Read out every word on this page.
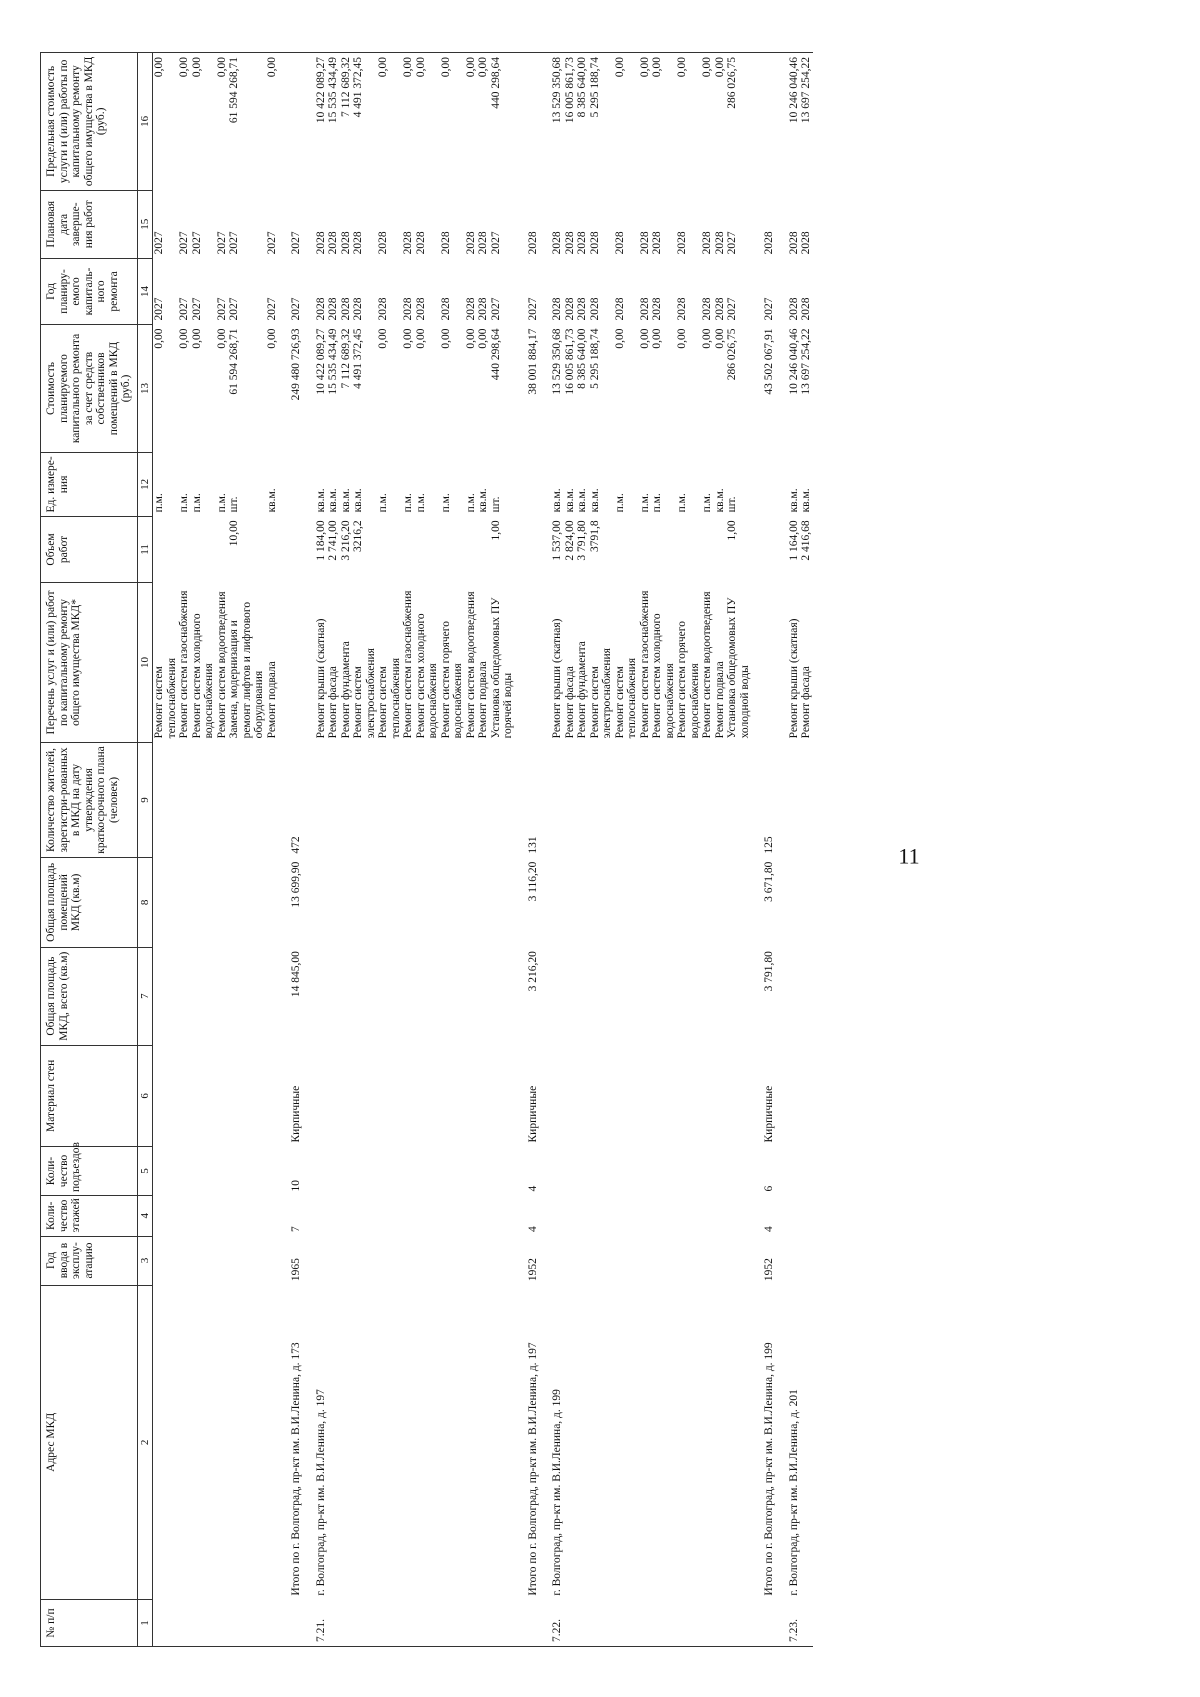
11
№ п/п	Адрес МКД	Год ввода в эксплу-атацию	Коли-чество этажей	Коли-чество подъездов	Материал стен	Общая площадь МКД, всего (кв.м)	Общая площадь помещений МКД (кв.м)	Количество жителей, зарегистри-рованных в МКД на дату утверждения краткосрочного плана (человек)	Перечень услуг и (или) работ по капитальному ремонту общего имущества МКД*	Объем работ	Ед. измере-ния	Стоимость планируемого капитального ремонта за счет средств собственников помещений в МКД (руб.)	Год планиру-емого капиталь-ного ремонта	Плановая дата заверше-ния работ	Предельная стоимость услуги и (или) работы по капитальному ремонту общего имущества в МКД (руб.)
1	2	3	4	5	6	7	8	9	10	11	12	13	14	15	16
									Ремонт систем теплоснабжения		п.м.	0,00	2027	2027	0,00
									Ремонт систем газоснабжения		п.м.	0,00	2027	2027	0,00
									Ремонт систем холодного водоснабжения		п.м.	0,00	2027	2027	0,00
									Ремонт систем водоотведения		п.м.	0,00	2027	2027	0,00
									Замена, модернизация и ремонт лифтов и лифтового оборудования	10,00	шт.	61 594 268,71	2027	2027	61 594 268,71
									Ремонт подвала		кв.м.	0,00	2027	2027	0,00

	Итого по г. Волгоград, пр-кт им. В.И.Ленина, д. 173	1965	7	10	Кирпичные	14 845,00	13 699,90	472				249 480 726,93	2027	2027	

7.21.	г. Волгоград, пр-кт им. В.И.Ленина, д. 197								Ремонт крыши (скатная)	1 184,00	кв.м.	10 422 089,27	2028	2028	10 422 089,27
									Ремонт фасада	2 741,00	кв.м.	15 535 434,49	2028	2028	15 535 434,49
									Ремонт фундамента	3 216,20	кв.м.	7 112 689,32	2028	2028	7 112 689,32
									Ремонт систем электроснабжения	3216,2	кв.м.	4 491 372,45	2028	2028	4 491 372,45
									Ремонт систем теплоснабжения		п.м.	0,00	2028	2028	0,00
									Ремонт систем газоснабжения		п.м.	0,00	2028	2028	0,00
									Ремонт систем холодного водоснабжения		п.м.	0,00	2028	2028	0,00
									Ремонт систем горячего водоснабжения		п.м.	0,00	2028	2028	0,00
									Ремонт систем водоотведения		п.м.	0,00	2028	2028	0,00
									Ремонт подвала		кв.м.	0,00	2028	2028	0,00
									Установка общедомовых ПУ горячей воды	1,00	шт.	440 298,64	2027	2027	440 298,64

	Итого по г. Волгоград, пр-кт им. В.И.Ленина, д. 197	1952	4	4	Кирпичные	3 216,20	3 116,20	131				38 001 884,17	2027	2028	

7.22.	г. Волгоград, пр-кт им. В.И.Ленина, д. 199								Ремонт крыши (скатная)	1 537,00	кв.м.	13 529 350,68	2028	2028	13 529 350,68
									Ремонт фасада	2 824,00	кв.м.	16 005 861,73	2028	2028	16 005 861,73
									Ремонт фундамента	3 791,80	кв.м.	8 385 640,00	2028	2028	8 385 640,00
									Ремонт систем электроснабжения	3791,8	кв.м.	5 295 188,74	2028	2028	5 295 188,74
									Ремонт систем теплоснабжения		п.м.	0,00	2028	2028	0,00
									Ремонт систем газоснабжения		п.м.	0,00	2028	2028	0,00
									Ремонт систем холодного водоснабжения		п.м.	0,00	2028	2028	0,00
									Ремонт систем горячего водоснабжения		п.м.	0,00	2028	2028	0,00
									Ремонт систем водоотведения		п.м.	0,00	2028	2028	0,00
									Ремонт подвала		кв.м.	0,00	2028	2028	0,00
									Установка общедомовых ПУ холодной воды	1,00	шт.	286 026,75	2027	2027	286 026,75

	Итого по г. Волгоград, пр-кт им. В.И.Ленина, д. 199	1952	4	6	Кирпичные	3 791,80	3 671,80	125				43 502 067,91	2027	2028	

7.23.	г. Волгоград, пр-кт им. В.И.Ленина, д. 201								Ремонт крыши (скатная)	1 164,00	кв.м.	10 246 040,46	2028	2028	10 246 040,46
									Ремонт фасада	2 416,68	кв.м.	13 697 254,22	2028	2028	13 697 254,22
